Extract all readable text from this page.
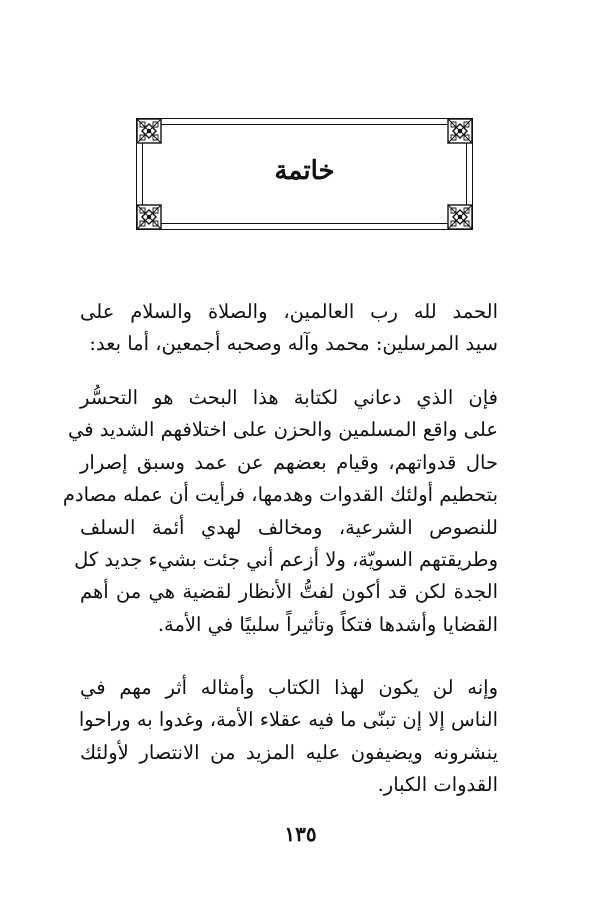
خاتمة

الحمد لله رب العالمين، والصلاة والسلام على
سيد المرسلين: محمد وآله وصحبه أجمعين، أما بعد:

فإن الذي دعاني لكتابة هذا البحث هو التحسُّر
على واقع المسلمين والحزن على اختلافهم الشديد في
حال قدواتهم، وقيام بعضهم عن عمد وسبق إصرار
بتحطيم أولئك القدوات وهدمها، فرأيت أن عمله مصادم
للنصوص الشرعية، ومخالف لهدي أئمة السلف
وطريقتهم السويّة، ولا أزعم أني جئت بشيء جديد كل
الجدة لكن قد أكون لفتُّ الأنظار لقضية هي من أهم
القضايا وأشدها فتكاً وتأثيراً سلبيًا في الأمة.

وإنه لن يكون لهذا الكتاب وأمثاله أثر مهم في
الناس إلا إن تبنّى ما فيه عقلاء الأمة، وغدوا به وراحوا
ينشرونه ويضيفون عليه المزيد من الانتصار لأولئك
القدوات الكبار.

١٣٥
